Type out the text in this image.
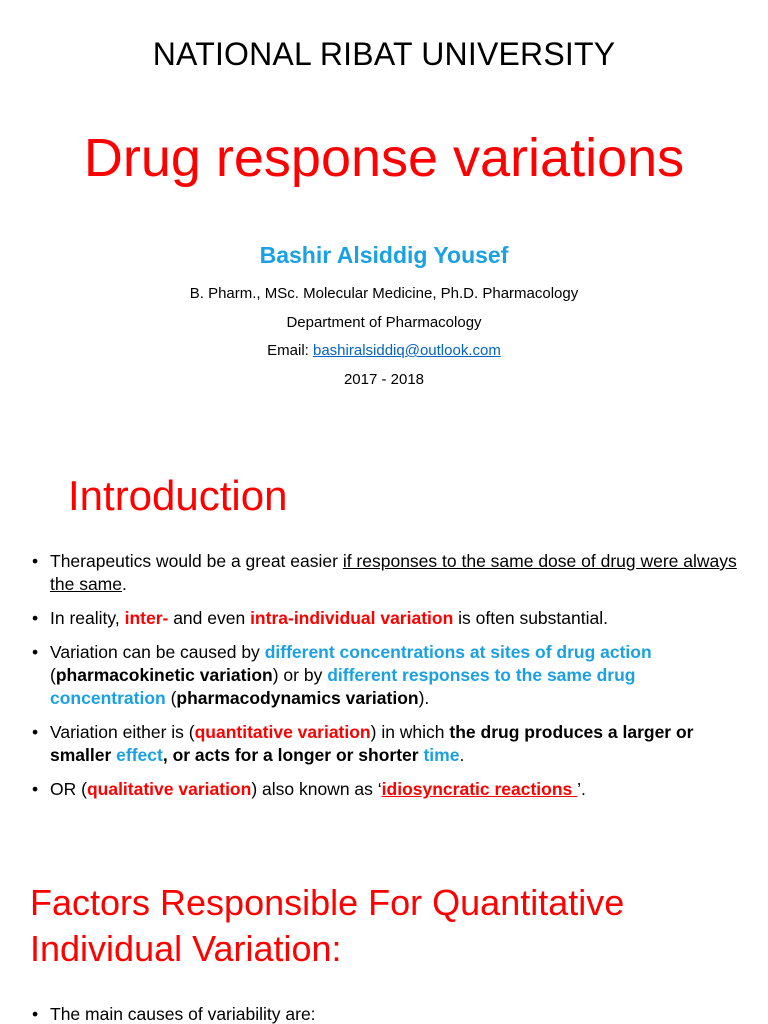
NATIONAL RIBAT UNIVERSITY
Drug response variations
Bashir Alsiddig Yousef
B. Pharm., MSc. Molecular Medicine, Ph.D. Pharmacology
Department of Pharmacology
Email: bashiralsiddiq@outlook.com
2017 - 2018
Introduction
• Therapeutics would be a great easier if responses to the same dose of drug were always the same.
• In reality, inter- and even intra-individual variation is often substantial.
• Variation can be caused by different concentrations at sites of drug action (pharmacokinetic variation) or by different responses to the same drug concentration (pharmacodynamics variation).
• Variation either is (quantitative variation) in which the drug produces a larger or smaller effect, or acts for a longer or shorter time.
• OR (qualitative variation) also known as ‘idiosyncratic reactions ’.
Factors Responsible For Quantitative Individual Variation:
• The main causes of variability are:
